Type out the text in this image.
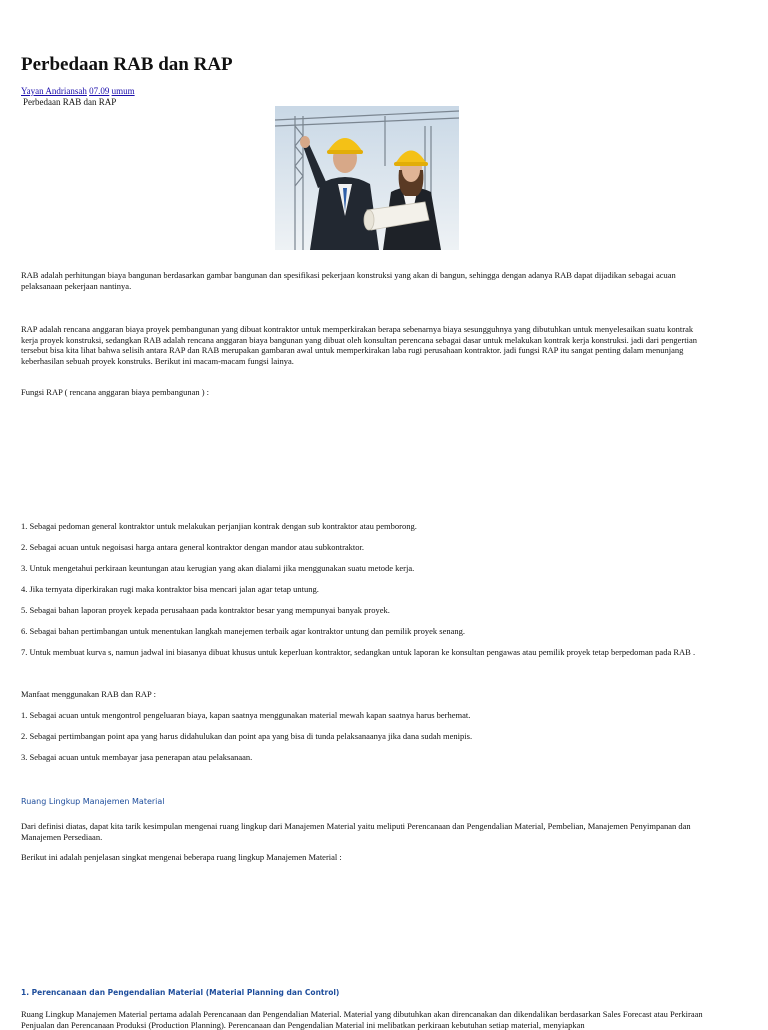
Perbedaan RAB dan RAP
Yayan Andriansah 07.09 umum
Perbedaan RAB dan RAP

RAB adalah perhitungan biaya bangunan berdasarkan gambar bangunan dan spesifikasi pekerjaan konstruksi yang akan di bangun, sehingga dengan adanya RAB dapat dijadikan sebagai acuan pelaksanaan pekerjaan nantinya.

RAP adalah rencana anggaran biaya proyek pembangunan yang dibuat kontraktor untuk memperkirakan berapa sebenarnya biaya sesungguhnya yang dibutuhkan untuk menyelesaikan suatu kontrak kerja proyek konstruksi, sedangkan RAB adalah rencana anggaran biaya bangunan yang dibuat oleh konsultan perencana sebagai dasar untuk melakukan kontrak kerja konstruksi. jadi dari pengertian tersebut bisa kita lihat bahwa selisih antara RAP dan RAB merupakan gambaran awal untuk memperkirakan laba rugi perusahaan kontraktor. jadi fungsi RAP itu sangat penting dalam menunjang keberhasilan sebuah proyek konstruks. Berikut ini macam-macam fungsi lainya.

Fungsi RAP ( rencana anggaran biaya pembangunan ) :

1. Sebagai pedoman general kontraktor untuk melakukan perjanjian kontrak dengan sub kontraktor atau pemborong.

2. Sebagai acuan untuk negoisasi harga antara general kontraktor dengan mandor atau subkontraktor.

3. Untuk mengetahui perkiraan keuntungan atau kerugian yang akan dialami jika menggunakan suatu metode kerja.

4. Jika ternyata diperkirakan rugi maka kontraktor bisa mencari jalan agar tetap untung.

5. Sebagai bahan laporan proyek kepada perusahaan pada kontraktor besar yang mempunyai banyak proyek.

6. Sebagai bahan pertimbangan untuk menentukan langkah manejemen terbaik agar kontraktor untung dan pemilik proyek senang.

7. Untuk membuat kurva s, namun jadwal ini biasanya dibuat khusus untuk keperluan kontraktor, sedangkan untuk laporan ke konsultan pengawas atau pemilik proyek tetap berpedoman pada RAB .

Manfaat menggunakan RAB dan RAP :

1. Sebagai acuan untuk mengontrol pengeluaran biaya, kapan saatnya menggunakan material mewah kapan saatnya harus berhemat.

2. Sebagai pertimbangan point apa yang harus didahulukan dan point apa yang bisa di tunda pelaksanaanya jika dana sudah menipis.

3. Sebagai acuan untuk membayar jasa penerapan atau pelaksanaan.

Ruang Lingkup Manajemen Material

Dari definisi diatas, dapat kita tarik kesimpulan mengenai ruang lingkup dari Manajemen Material yaitu meliputi Perencanaan dan Pengendalian Material, Pembelian, Manajemen Penyimpanan dan Manajemen Persediaan.

Berikut ini adalah penjelasan singkat mengenai beberapa ruang lingkup Manajemen Material :

1. Perencanaan dan Pengendalian Material (Material Planning dan Control)

Ruang Lingkup Manajemen Material pertama adalah Perencanaan dan Pengendalian Material. Material yang dibutuhkan akan direncanakan dan dikendalikan berdasarkan Sales Forecast atau Perkiraan Penjualan dan Perencanaan Produksi (Production Planning). Perencanaan dan Pengendalian Material ini melibatkan perkiraan kebutuhan setiap material, menyiapkan
